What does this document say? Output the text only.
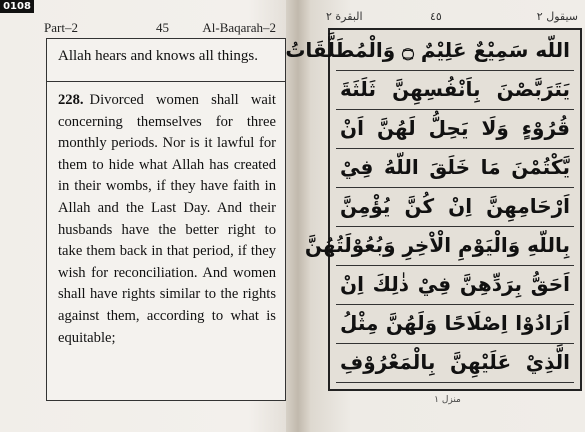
0108
Part–2	45	Al-Baqarah–2
Allah hears and knows all things.
228. Divorced women shall wait concerning themselves for three monthly periods. Nor is it lawful for them to hide what Allah has created in their wombs, if they have faith in Allah and the Last Day. And their husbands have the better right to take them back in that period, if they wish for reconciliation. And women shall have rights similar to the rights against them, according to what is equitable;
سيقول ٢
٤٥
البقرة ٢
اللّه سَمِيْعٌ عَلِيْمٌ ۝ وَالْمُطَلَّقَاتُ
يَتَرَبَّصْنَ بِاَنْفُسِهِنَّ ثَلَثَةَ
قُرُوْءٍ وَلَا يَحِلُّ لَهُنَّ اَنْ
يَّكْتُمْنَ مَا خَلَقَ اللّهُ فِيْ
اَرْحَامِهِنَّ اِنْ كُنَّ يُؤْمِنَّ
بِاللّهِ وَالْيَوْمِ الْاْخِرِ وَبُعُوْلَتُهُنَّ
اَحَقُّ بِرَدِّهِنَّ فِيْ ذٰلِكَ اِنْ
اَرَادُوْا اِصْلَاحًا وَلَهُنَّ مِثْلُ
الَّذِيْ عَلَيْهِنَّ بِالْمَعْرُوْفِ
منزل ١
